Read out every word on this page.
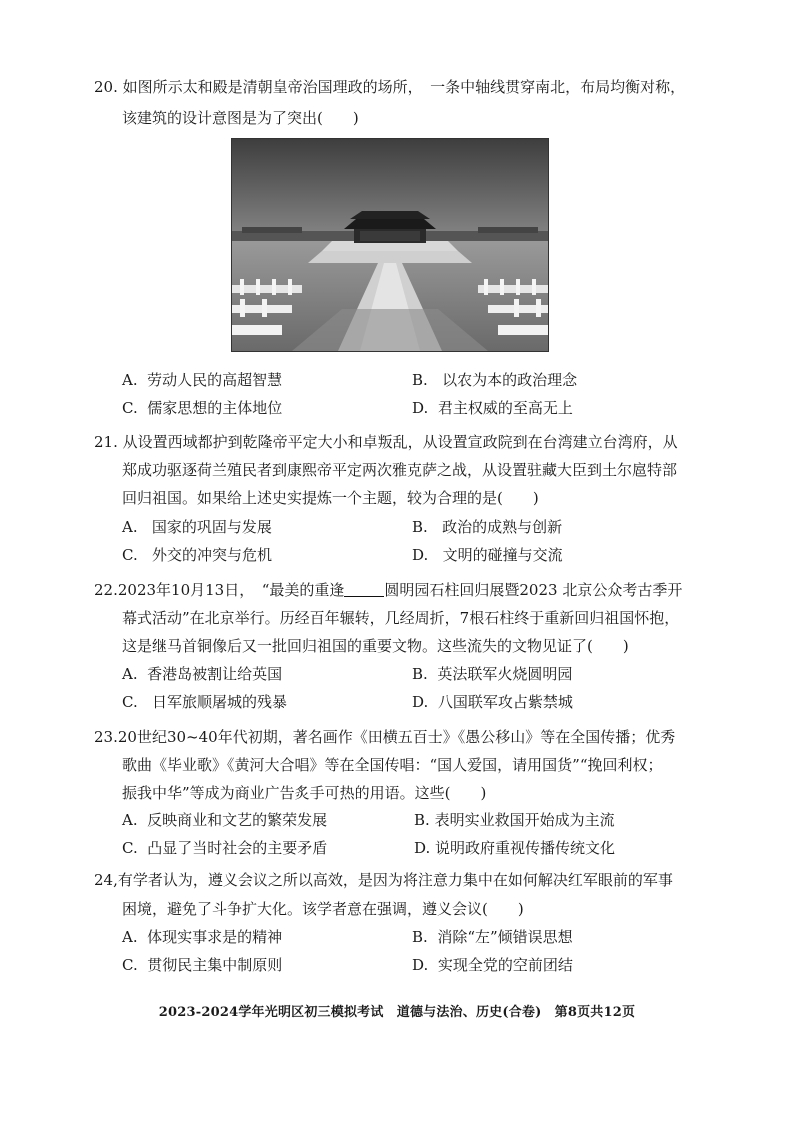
20. 如图所示太和殿是清朝皇帝治国理政的场所，　一条中轴线贯穿南北，布局均衡对称，
该建筑的设计意图是为了突出(　　)
A. 劳动人民的高超智慧	B. 以农为本的政治理念
C. 儒家思想的主体地位	D. 君主权威的至高无上
21. 从设置西域都护到乾隆帝平定大小和卓叛乱，从设置宣政院到在台湾建立台湾府，从
郑成功驱逐荷兰殖民者到康熙帝平定两次雅克萨之战，从设置驻藏大臣到土尔扈特部
回归祖国。如果给上述史实提炼一个主题，较为合理的是(　　)
A. 国家的巩固与发展	B. 政治的成熟与创新
C. 外交的冲突与危机	D. 文明的碰撞与交流
22.2023年10月13日，　“最美的重逢	圆明园石柱回归展暨2023 北京公众考古季开
幕式活动”在北京举行。历经百年辗转，几经周折，7根石柱终于重新回归祖国怀抱，
这是继马首铜像后又一批回归祖国的重要文物。这些流失的文物见证了(　　)
A. 香港岛被割让给英国	B. 英法联军火烧圆明园
C. 日军旅顺屠城的残暴	D. 八国联军攻占紫禁城
23.20世纪30~40年代初期，著名画作《田横五百士》《愚公移山》等在全国传播；优秀
歌曲《毕业歌》《黄河大合唱》等在全国传唱：“国人爱国，请用国货”“挽回利权；
振我中华”等成为商业广告炙手可热的用语。这些(　　)
A. 反映商业和文艺的繁荣发展	B. 表明实业救国开始成为主流
C. 凸显了当时社会的主要矛盾	D. 说明政府重视传播传统文化
24,有学者认为，遵义会议之所以高效，是因为将注意力集中在如何解决红军眼前的军事
困境，避免了斗争扩大化。该学者意在强调，遵义会议(　　)
A. 体现实事求是的精神	B. 消除“左”倾错误思想
C. 贯彻民主集中制原则	D. 实现全党的空前团结
2023-2024学年光明区初三模拟考试　道德与法治、历史(合卷)　第8页共12页
